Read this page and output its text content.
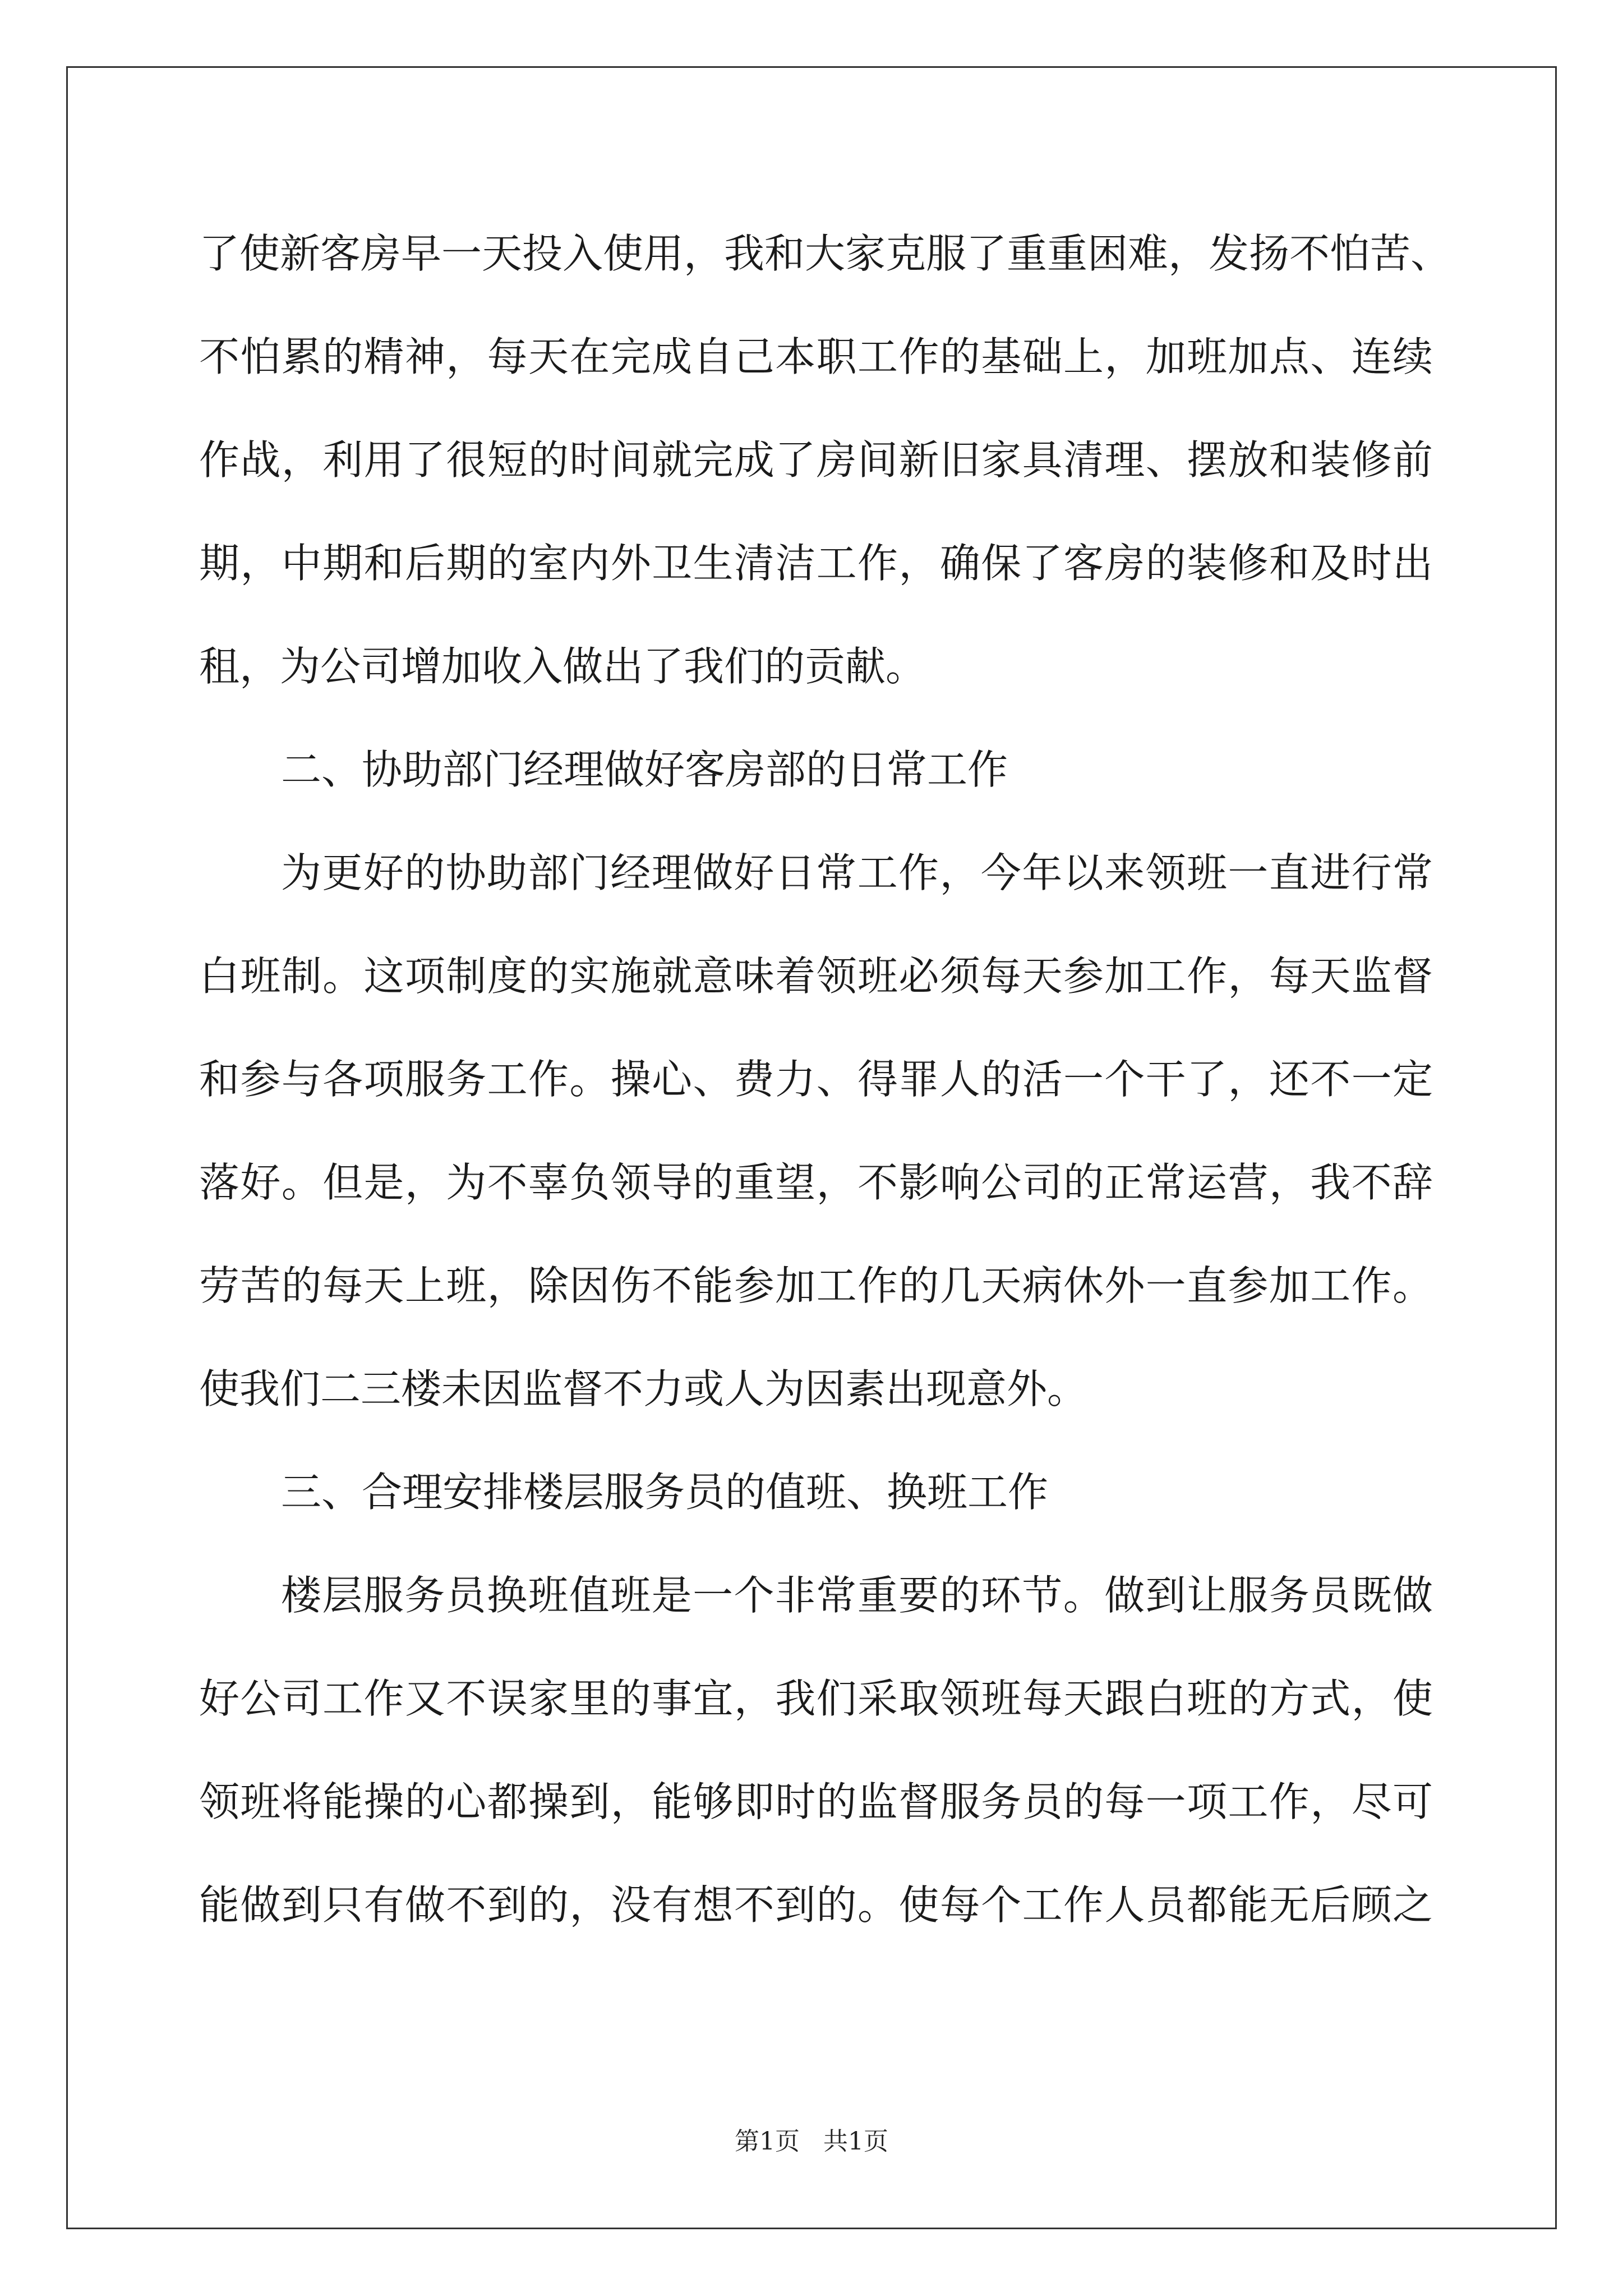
了使新客房早一天投入使用，我和大家克服了重重困难，发扬不怕苦、
不怕累的精神，每天在完成自己本职工作的基础上，加班加点、连续
作战，利用了很短的时间就完成了房间新旧家具清理、摆放和装修前
期，中期和后期的室内外卫生清洁工作，确保了客房的装修和及时出
租，为公司增加收入做出了我们的贡献。
二、协助部门经理做好客房部的日常工作
为更好的协助部门经理做好日常工作，今年以来领班一直进行常
白班制。这项制度的实施就意味着领班必须每天参加工作，每天监督
和参与各项服务工作。操心、费力、得罪人的活一个干了，还不一定
落好。但是，为不辜负领导的重望，不影响公司的正常运营，我不辞
劳苦的每天上班，除因伤不能参加工作的几天病休外一直参加工作。
使我们二三楼未因监督不力或人为因素出现意外。
三、合理安排楼层服务员的值班、换班工作
楼层服务员换班值班是一个非常重要的环节。做到让服务员既做
好公司工作又不误家里的事宜，我们采取领班每天跟白班的方式，使
领班将能操的心都操到，能够即时的监督服务员的每一项工作，尽可
能做到只有做不到的，没有想不到的。使每个工作人员都能无后顾之
第1页   共1页
